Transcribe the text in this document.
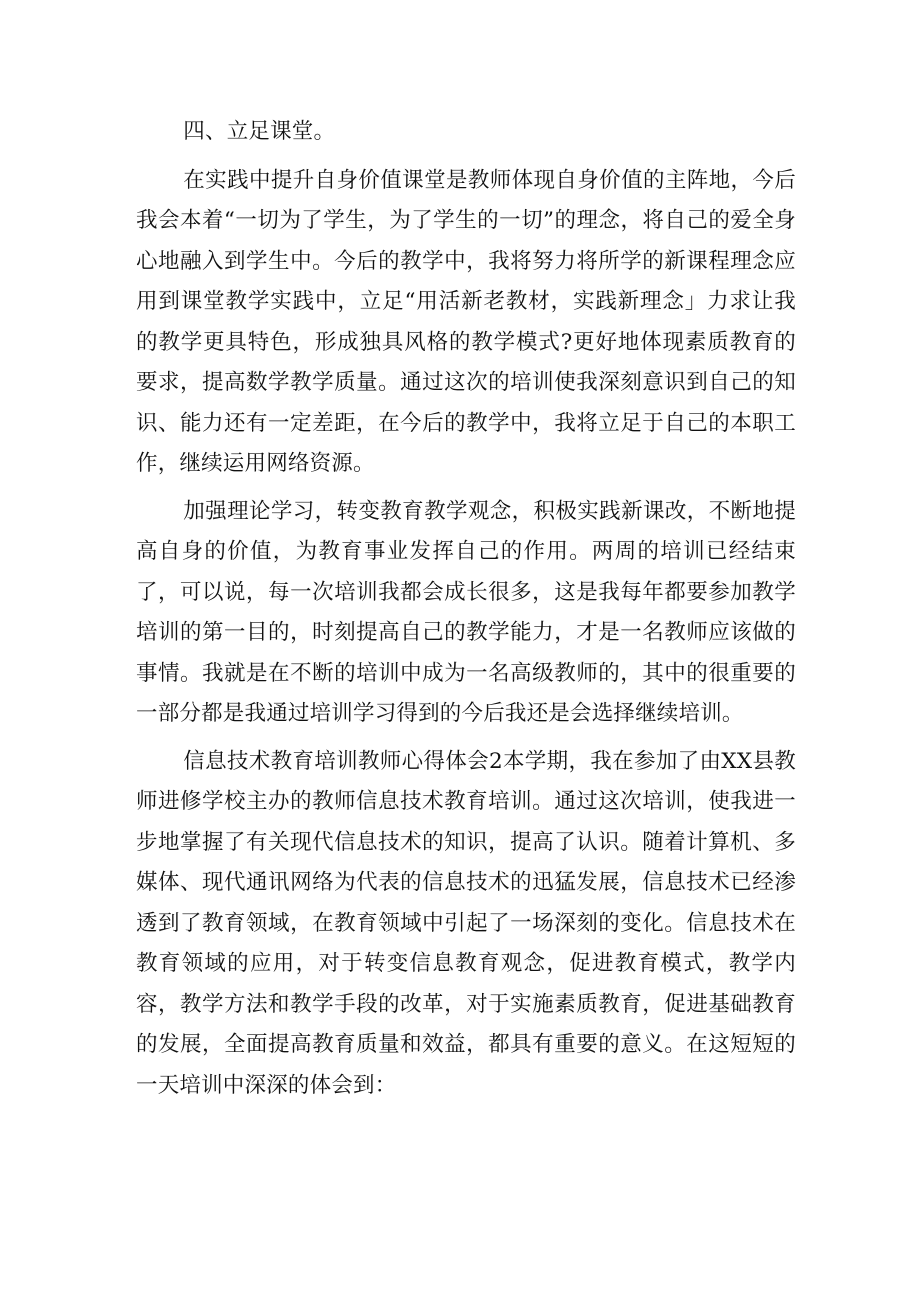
四、立足课堂。

在实践中提升自身价值课堂是教师体现自身价值的主阵地，今后我会本着“一切为了学生，为了学生的一切”的理念，将自己的爱全身心地融入到学生中。今后的教学中，我将努力将所学的新课程理念应用到课堂教学实践中，立足“用活新老教材，实践新理念」力求让我的教学更具特色，形成独具风格的教学模式?更好地体现素质教育的要求，提高数学教学质量。通过这次的培训使我深刻意识到自己的知识、能力还有一定差距，在今后的教学中，我将立足于自己的本职工作，继续运用网络资源。

加强理论学习，转变教育教学观念，积极实践新课改，不断地提高自身的价值，为教育事业发挥自己的作用。两周的培训已经结束了，可以说，每一次培训我都会成长很多，这是我每年都要参加教学培训的第一目的，时刻提高自己的教学能力，才是一名教师应该做的事情。我就是在不断的培训中成为一名高级教师的，其中的很重要的一部分都是我通过培训学习得到的今后我还是会选择继续培训。

信息技术教育培训教师心得体会2本学期，我在参加了由XX县教师进修学校主办的教师信息技术教育培训。通过这次培训，使我进一步地掌握了有关现代信息技术的知识，提高了认识。随着计算机、多媒体、现代通讯网络为代表的信息技术的迅猛发展，信息技术已经渗透到了教育领域，在教育领域中引起了一场深刻的变化。信息技术在教育领域的应用，对于转变信息教育观念，促进教育模式，教学内容，教学方法和教学手段的改革，对于实施素质教育，促进基础教育的发展，全面提高教育质量和效益，都具有重要的意义。在这短短的一天培训中深深的体会到：
